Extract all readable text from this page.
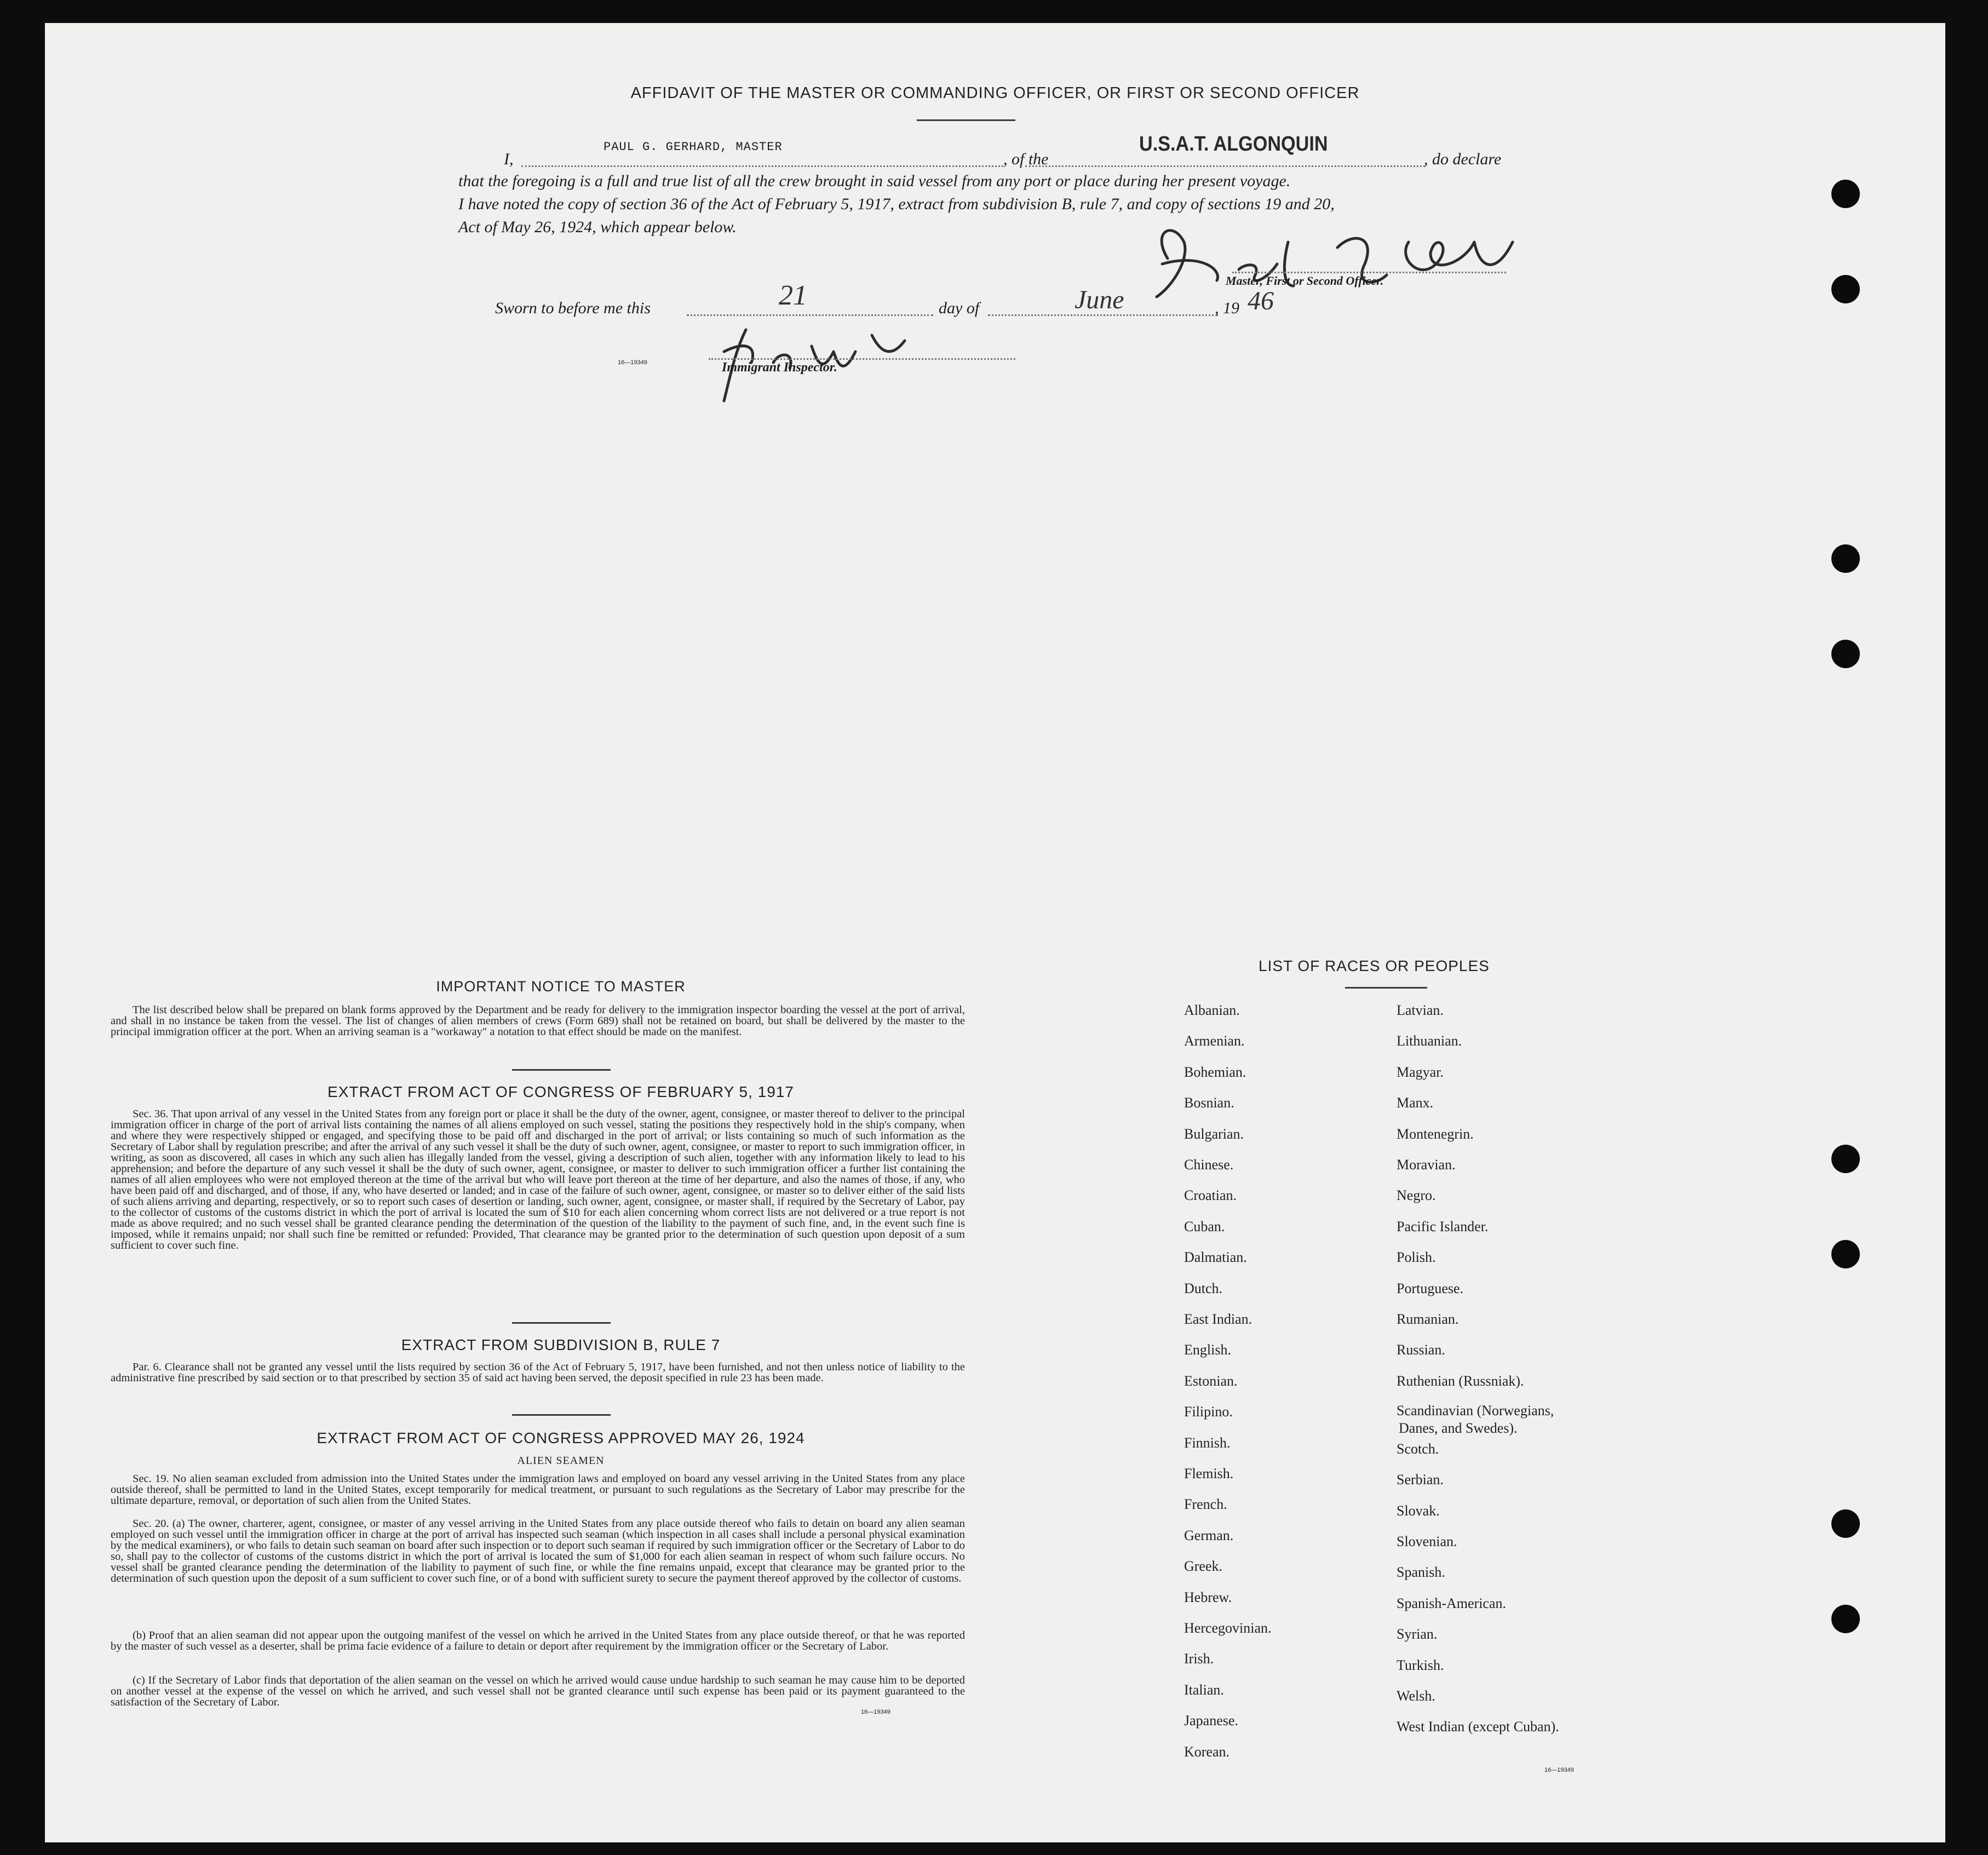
AFFIDAVIT OF THE MASTER OR COMMANDING OFFICER, OR FIRST OR SECOND OFFICER
I,
PAUL G. GERHARD, MASTER
, of the
U.S.A.T. ALGONQUIN
, do declare
that the foregoing is a full and true list of all the crew brought in said vessel from any port or place during her present voyage.
I have noted the copy of section 36 of the Act of February 5, 1917, extract from subdivision B, rule 7, and copy of sections 19 and 20,
Act of May 26, 1924, which appear below.
Master, First or Second Officer.
Sworn to before me this	21	day of	June	, 19 46
16—19349	Immigrant Inspector.
IMPORTANT NOTICE TO MASTER
The list described below shall be prepared on blank forms approved by the Department and be ready for delivery to the immigration inspector boarding the vessel at the port of arrival, and shall in no instance be taken from the vessel. The list of changes of alien members of crews (Form 689) shall not be retained on board, but shall be delivered by the master to the principal immigration officer at the port. When an arriving seaman is a "workaway" a notation to that effect should be made on the manifest.
EXTRACT FROM ACT OF CONGRESS OF FEBRUARY 5, 1917
Sec. 36. That upon arrival of any vessel in the United States from any foreign port or place it shall be the duty of the owner, agent, consignee, or master thereof to deliver to the principal immigration officer in charge of the port of arrival lists containing the names of all aliens employed on such vessel, stating the positions they respectively hold in the ship's company, when and where they were respectively shipped or engaged, and specifying those to be paid off and discharged in the port of arrival; or lists containing so much of such information as the Secretary of Labor shall by regulation prescribe; and after the arrival of any such vessel it shall be the duty of such owner, agent, consignee, or master to report to such immigration officer, in writing, as soon as discovered, all cases in which any such alien has illegally landed from the vessel, giving a description of such alien, together with any information likely to lead to his apprehension; and before the departure of any such vessel it shall be the duty of such owner, agent, consignee, or master to deliver to such immigration officer a further list containing the names of all alien employees who were not employed thereon at the time of the arrival but who will leave port thereon at the time of her departure, and also the names of those, if any, who have been paid off and discharged, and of those, if any, who have deserted or landed; and in case of the failure of such owner, agent, consignee, or master so to deliver either of the said lists of such aliens arriving and departing, respectively, or so to report such cases of desertion or landing, such owner, agent, consignee, or master shall, if required by the Secretary of Labor, pay to the collector of customs of the customs district in which the port of arrival is located the sum of $10 for each alien concerning whom correct lists are not delivered or a true report is not made as above required; and no such vessel shall be granted clearance pending the determination of the question of the liability to the payment of such fine, and, in the event such fine is imposed, while it remains unpaid; nor shall such fine be remitted or refunded: Provided, That clearance may be granted prior to the determination of such question upon deposit of a sum sufficient to cover such fine.
EXTRACT FROM SUBDIVISION B, RULE 7
Par. 6. Clearance shall not be granted any vessel until the lists required by section 36 of the Act of February 5, 1917, have been furnished, and not then unless notice of liability to the administrative fine prescribed by said section or to that prescribed by section 35 of said act having been served, the deposit specified in rule 23 has been made.
EXTRACT FROM ACT OF CONGRESS APPROVED MAY 26, 1924
ALIEN SEAMEN
Sec. 19. No alien seaman excluded from admission into the United States under the immigration laws and employed on board any vessel arriving in the United States from any place outside thereof, shall be permitted to land in the United States, except temporarily for medical treatment, or pursuant to such regulations as the Secretary of Labor may prescribe for the ultimate departure, removal, or deportation of such alien from the United States.
Sec. 20. (a) The owner, charterer, agent, consignee, or master of any vessel arriving in the United States from any place outside thereof who fails to detain on board any alien seaman employed on such vessel until the immigration officer in charge at the port of arrival has inspected such seaman (which inspection in all cases shall include a personal physical examination by the medical examiners), or who fails to detain such seaman on board after such inspection or to deport such seaman if required by such immigration officer or the Secretary of Labor to do so, shall pay to the collector of customs of the customs district in which the port of arrival is located the sum of $1,000 for each alien seaman in respect of whom such failure occurs. No vessel shall be granted clearance pending the determination of the liability to payment of such fine, or while the fine remains unpaid, except that clearance may be granted prior to the determination of such question upon the deposit of a sum sufficient to cover such fine, or of a bond with sufficient surety to secure the payment thereof approved by the collector of customs.
(b) Proof that an alien seaman did not appear upon the outgoing manifest of the vessel on which he arrived in the United States from any place outside thereof, or that he was reported by the master of such vessel as a deserter, shall be prima facie evidence of a failure to detain or deport after requirement by the immigration officer or the Secretary of Labor.
(c) If the Secretary of Labor finds that deportation of the alien seaman on the vessel on which he arrived would cause undue hardship to such seaman he may cause him to be deported on another vessel at the expense of the vessel on which he arrived, and such vessel shall not be granted clearance until such expense has been paid or its payment guaranteed to the satisfaction of the Secretary of Labor.
16—19349
LIST OF RACES OR PEOPLES
Albanian.
Armenian.
Bohemian.
Bosnian.
Bulgarian.
Chinese.
Croatian.
Cuban.
Dalmatian.
Dutch.
East Indian.
English.
Estonian.
Filipino.
Finnish.
Flemish.
French.
German.
Greek.
Hebrew.
Hercegovinian.
Irish.
Italian.
Japanese.
Korean.
Latvian.
Lithuanian.
Magyar.
Manx.
Montenegrin.
Moravian.
Negro.
Pacific Islander.
Polish.
Portuguese.
Rumanian.
Russian.
Ruthenian (Russniak).
Scandinavian (Norwegians,
Danes, and Swedes).
Scotch.
Serbian.
Slovak.
Slovenian.
Spanish.
Spanish-American.
Syrian.
Turkish.
Welsh.
West Indian (except Cuban).
16—19349
